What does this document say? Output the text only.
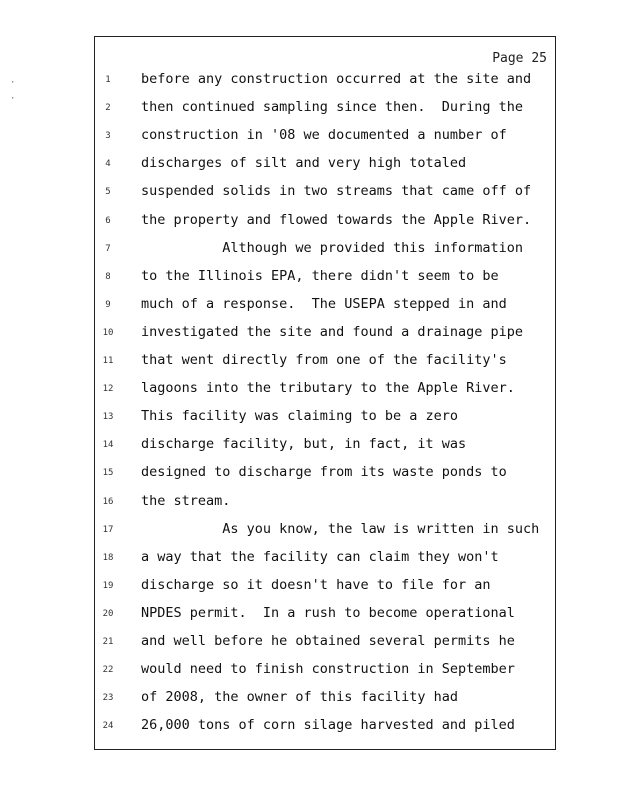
·
·
Page 25
1	before any construction occurred at the site and
2	then continued sampling since then.  During the
3	construction in '08 we documented a number of
4	discharges of silt and very high totaled
5	suspended solids in two streams that came off of
6	the property and flowed towards the Apple River.
7	Although we provided this information
8	to the Illinois EPA, there didn't seem to be
9	much of a response.  The USEPA stepped in and
10	investigated the site and found a drainage pipe
11	that went directly from one of the facility's
12	lagoons into the tributary to the Apple River.
13	This facility was claiming to be a zero
14	discharge facility, but, in fact, it was
15	designed to discharge from its waste ponds to
16	the stream.
17	As you know, the law is written in such
18	a way that the facility can claim they won't
19	discharge so it doesn't have to file for an
20	NPDES permit.  In a rush to become operational
21	and well before he obtained several permits he
22	would need to finish construction in September
23	of 2008, the owner of this facility had
24	26,000 tons of corn silage harvested and piled
